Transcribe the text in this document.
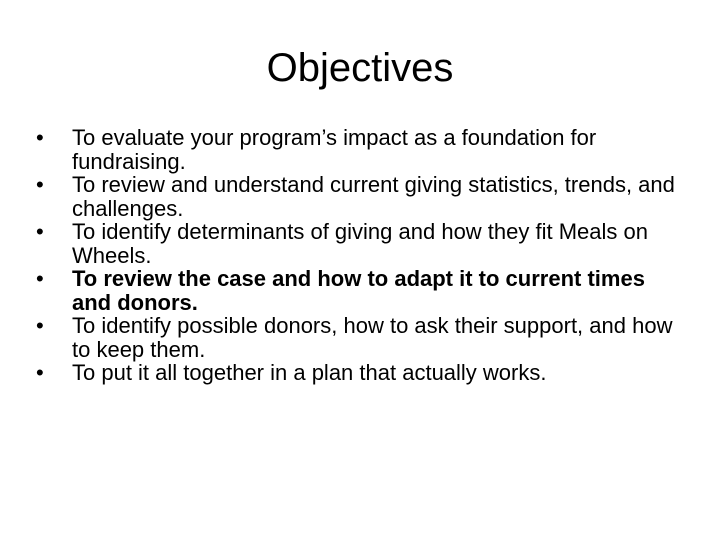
Objectives
• To evaluate your program’s impact as a foundation for fundraising.
• To review and understand current giving statistics, trends, and challenges.
• To identify determinants of giving and how they fit Meals on Wheels.
• To review the case and how to adapt it to current times and donors.
• To identify possible donors, how to ask their support, and how to keep them.
• To put it all together in a plan that actually works.
